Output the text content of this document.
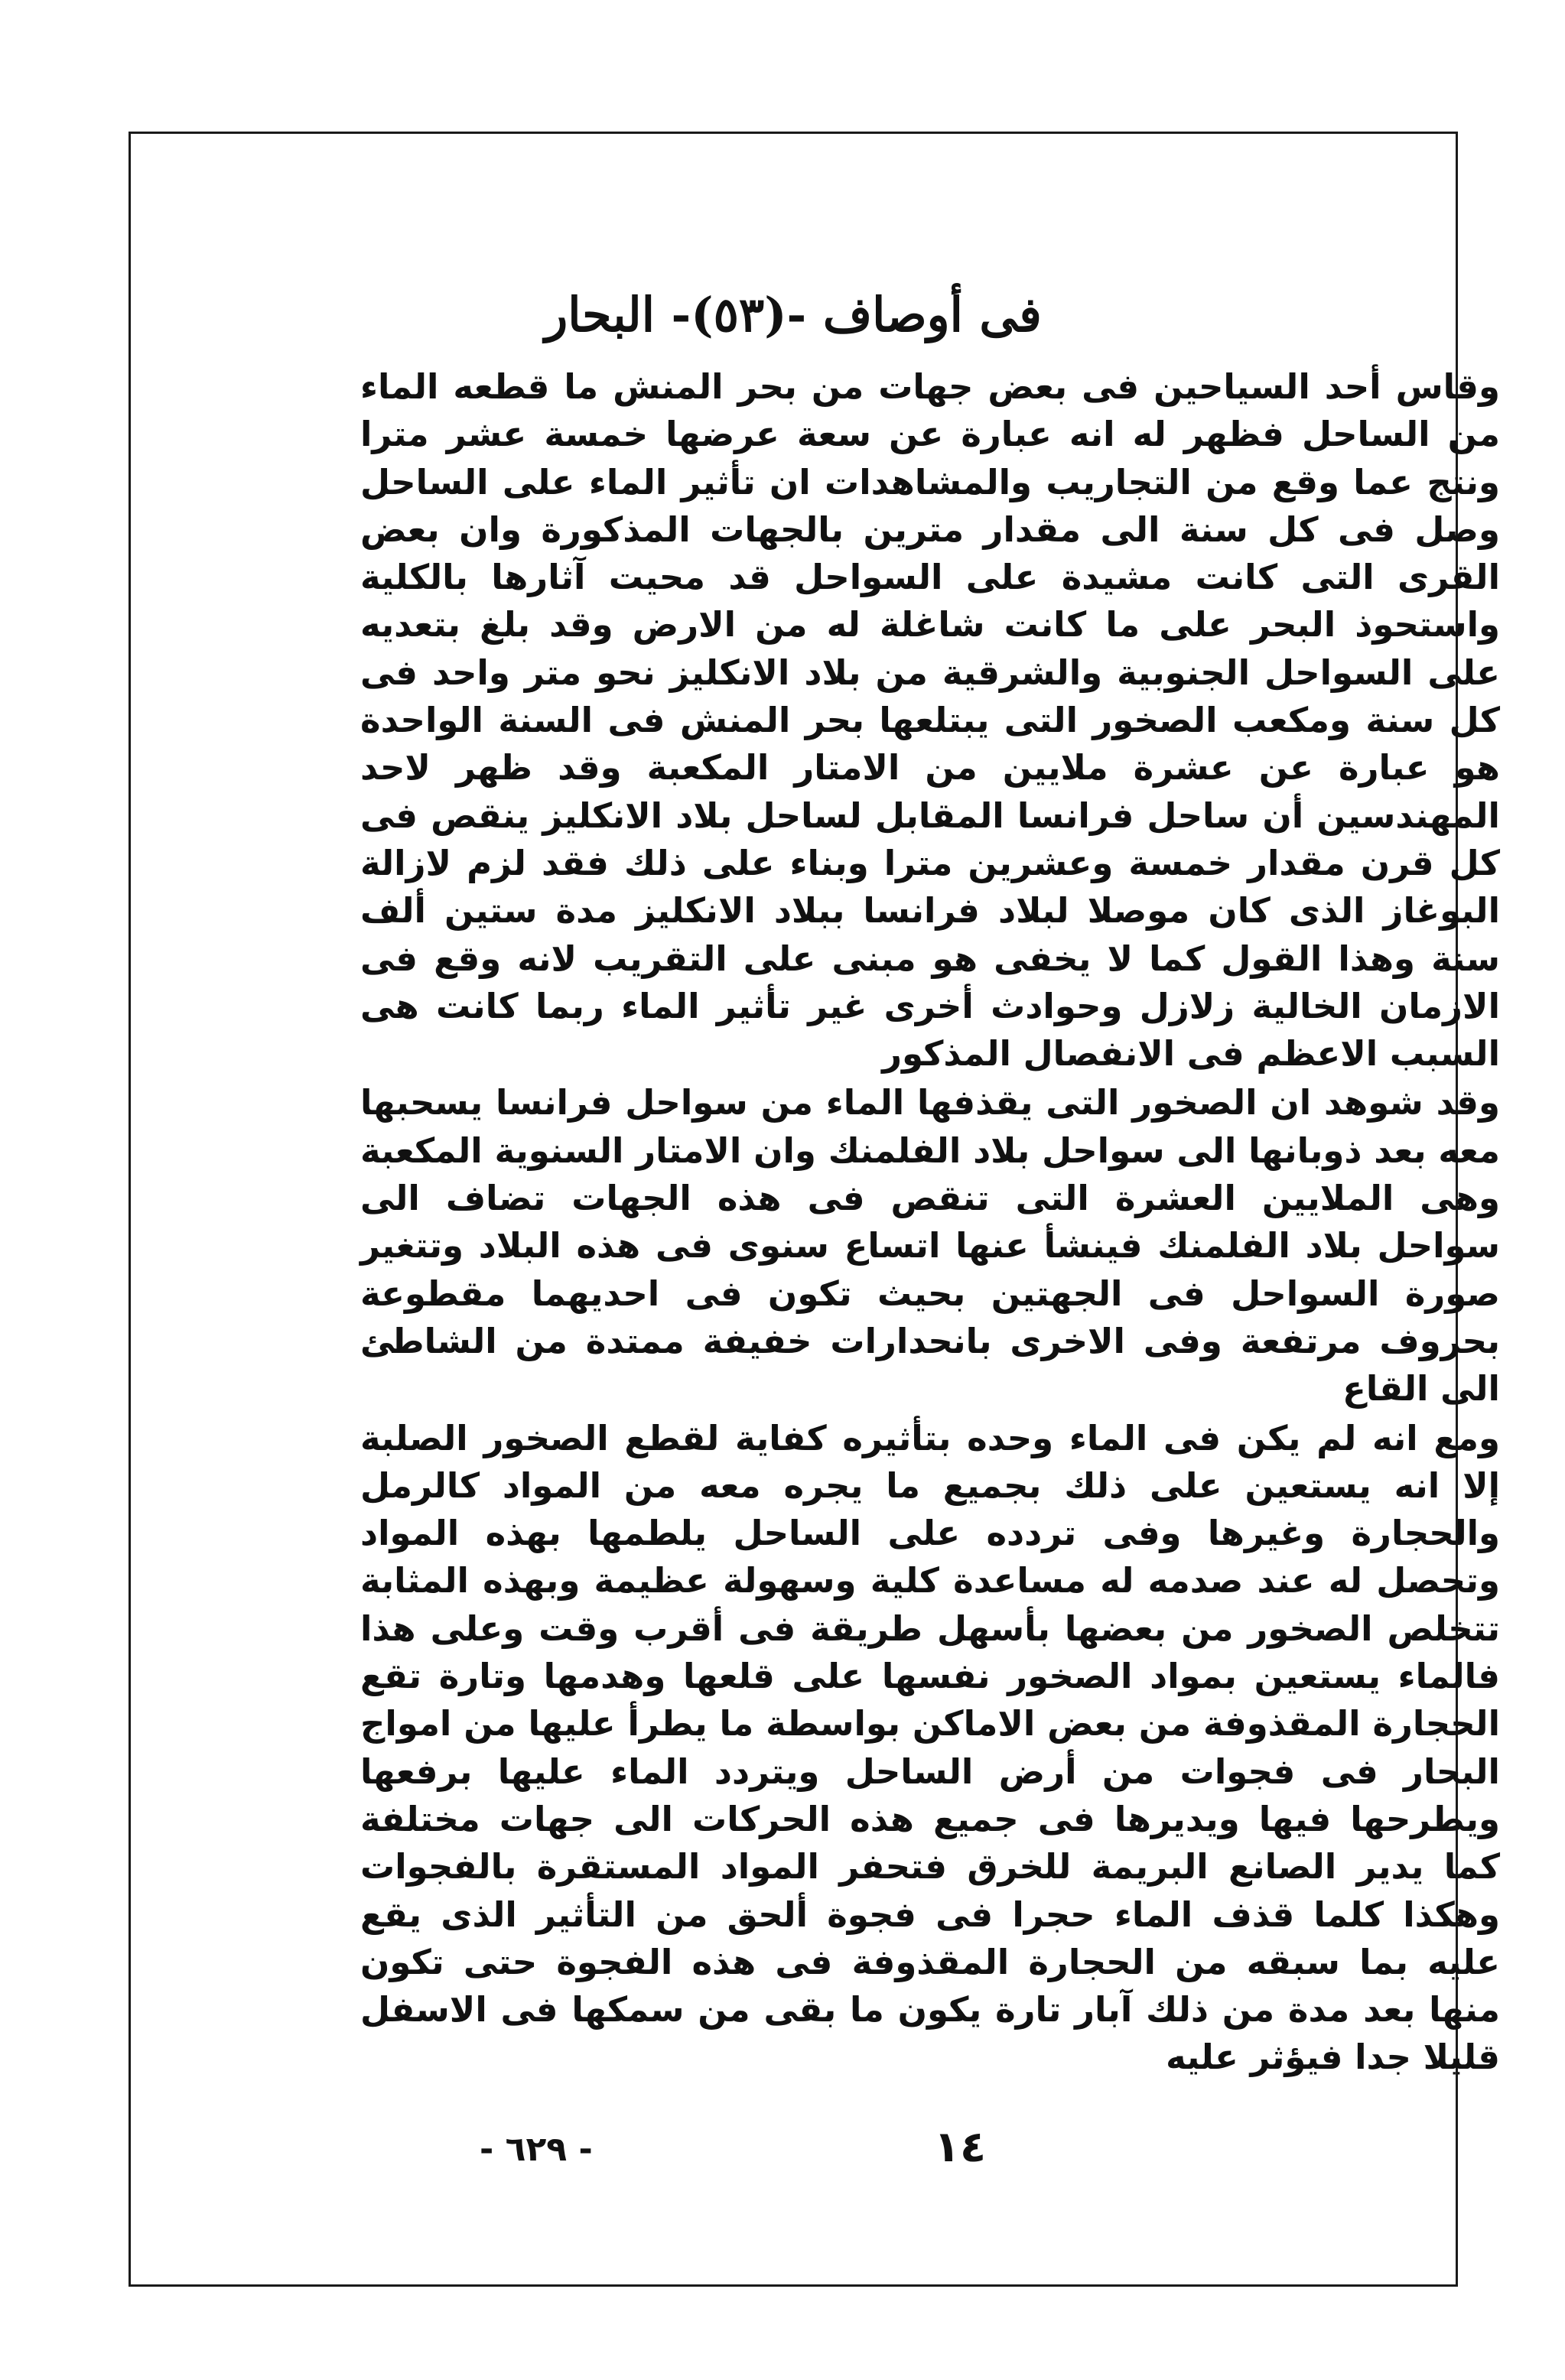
فى أوصاف -(٥٣)- البحار

وقاس أحد السياحين فى بعض جهات من بحر المنش ما قطعه الماء من الساحل فظهر له انه عبارة عن سعة عرضها خمسة عشر مترا ونتج عما وقع من التجاريب والمشاهدات ان تأثير الماء على الساحل وصل فى كل سنة الى مقدار مترين بالجهات المذكورة وان بعض القرى التى كانت مشيدة على السواحل قد محيت آثارها بالكلية واستحوذ البحر على ما كانت شاغلة له من الارض وقد بلغ بتعديه على السواحل الجنوبية والشرقية من بلاد الانكليز نحو متر واحد فى كل سنة ومكعب الصخور التى يبتلعها بحر المنش فى السنة الواحدة هو عبارة عن عشرة ملايين من الامتار المكعبة وقد ظهر لاحد المهندسين أن ساحل فرانسا المقابل لساحل بلاد الانكليز ينقص فى كل قرن مقدار خمسة وعشرين مترا وبناء على ذلك فقد لزم لازالة البوغاز الذى كان موصلا لبلاد فرانسا ببلاد الانكليز مدة ستين ألف سنة وهذا القول كما لا يخفى هو مبنى على التقريب لانه وقع فى الازمان الخالية زلازل وحوادث أخرى غير تأثير الماء ربما كانت هى السبب الاعظم فى الانفصال المذكور

وقد شوهد ان الصخور التى يقذفها الماء من سواحل فرانسا يسحبها معه بعد ذوبانها الى سواحل بلاد الفلمنك وان الامتار السنوية المكعبة وهى الملايين العشرة التى تنقص فى هذه الجهات تضاف الى سواحل بلاد الفلمنك فينشأ عنها اتساع سنوى فى هذه البلاد وتتغير صورة السواحل فى الجهتين بحيث تكون فى احديهما مقطوعة بحروف مرتفعة وفى الاخرى بانحدارات خفيفة ممتدة من الشاطئ الى القاع

ومع انه لم يكن فى الماء وحده بتأثيره كفاية لقطع الصخور الصلبة إلا انه يستعين على ذلك بجميع ما يجره معه من المواد كالرمل والحجارة وغيرها وفى تردده على الساحل يلطمها بهذه المواد وتحصل له عند صدمه له مساعدة كلية وسهولة عظيمة وبهذه المثابة تتخلص الصخور من بعضها بأسهل طريقة فى أقرب وقت وعلى هذا فالماء يستعين بمواد الصخور نفسها على قلعها وهدمها وتارة تقع الحجارة المقذوفة من بعض الاماكن بواسطة ما يطرأ عليها من امواج البحار فى فجوات من أرض الساحل ويتردد الماء عليها برفعها ويطرحها فيها ويديرها فى جميع هذه الحركات الى جهات مختلفة كما يدير الصانع البريمة للخرق فتحفر المواد المستقرة بالفجوات وهكذا كلما قذف الماء حجرا فى فجوة ألحق من التأثير الذى يقع عليه بما سبقه من الحجارة المقذوفة فى هذه الفجوة حتى تكون منها بعد مدة من ذلك آبار تارة يكون ما بقى من سمكها فى الاسفل قليلا جدا فيؤثر عليه

١٤
- ٦٢٩ -
